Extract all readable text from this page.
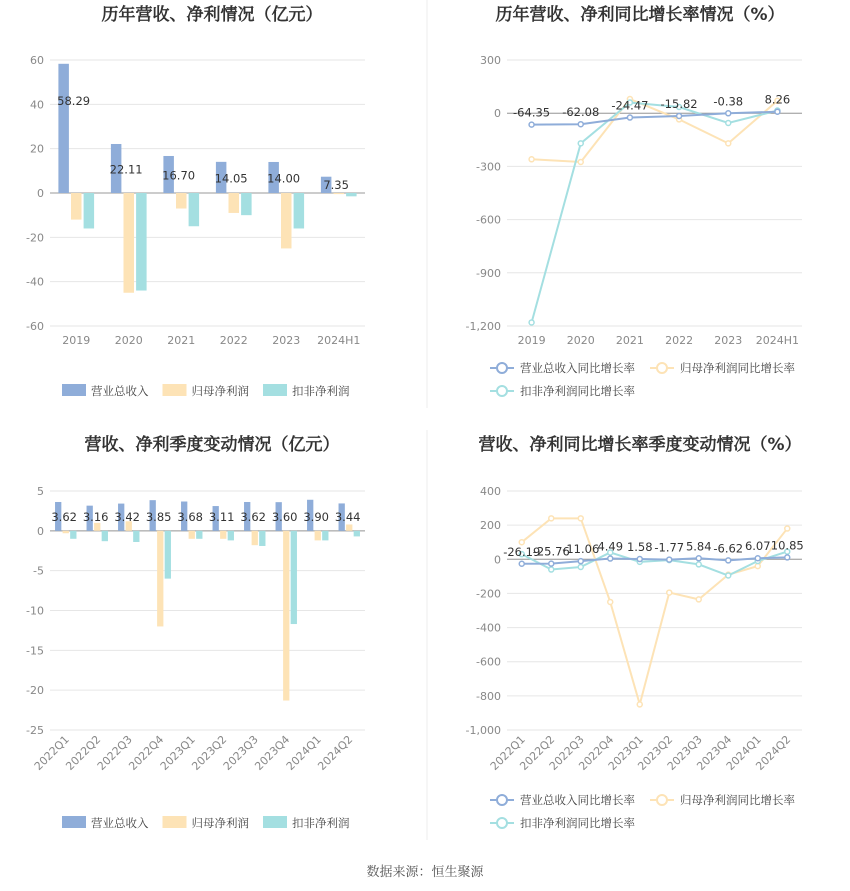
历年营收、净利情况（亿元）
-60
-40
-20
0
20
40
60
2019 2020 2021 2022 2023 2024H1
58.29
22.11 16.70 14.05 14.00 7.35
营业总收入	归母净利润	扣非净利润
历年营收、净利同比增长率情况（%）
-1,200
-900
-600
-300
0
300
2019 2020 2021 2022 2023 2024H1
-64.35 -62.08 -24.47 -15.82 -0.38 8.26
营业总收入同比增长率	归母净利润同比增长率
扣非净利润同比增长率
营收、净利季度变动情况（亿元）
-25
-20
-15
-10
-5
0
5
2022Q1
2022Q2
2022Q3
2022Q4
2023Q1
2023Q2
2023Q3
2023Q4
2024Q1
2024Q2
3.62 3.16 3.42 3.85 3.68 3.11 3.62 3.60 3.90 3.44
营业总收入	归母净利润	扣非净利润
营收、净利同比增长率季度变动情况（%）
-1,000
-800
-600
-400
-200
0
200
400
2022Q1
2022Q2
2022Q3
2022Q4
2023Q1
2023Q2
2023Q3
2023Q4
2024Q1
2024Q2
-26.19
-25.76
-11.06
4.49 1.58 -1.77 5.84 -6.62 6.07 10.85
营业总收入同比增长率	归母净利润同比增长率
扣非净利润同比增长率
数据来源：恒生聚源
